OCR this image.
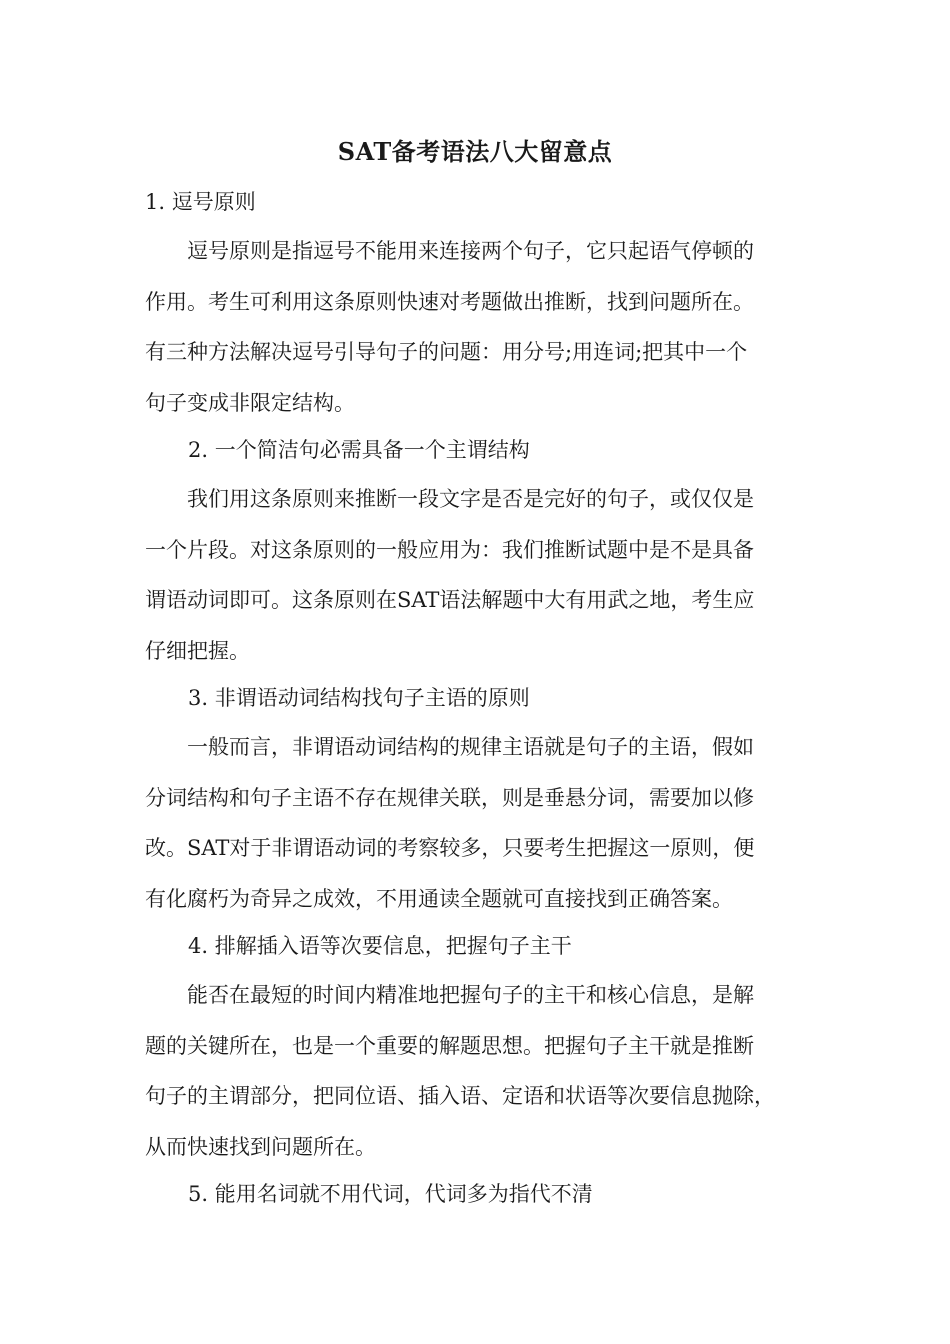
SAT备考语法八大留意点
1. 逗号原则
　　逗号原则是指逗号不能用来连接两个句子，它只起语气停顿的
作用。考生可利用这条原则快速对考题做出推断，找到问题所在。
有三种方法解决逗号引导句子的问题：用分号;用连词;把其中一个
句子变成非限定结构。
2. 一个简洁句必需具备一个主谓结构
　　我们用这条原则来推断一段文字是否是完好的句子，或仅仅是
一个片段。对这条原则的一般应用为：我们推断试题中是不是具备
谓语动词即可。这条原则在SAT语法解题中大有用武之地，考生应
仔细把握。
3. 非谓语动词结构找句子主语的原则
　　一般而言，非谓语动词结构的规律主语就是句子的主语，假如
分词结构和句子主语不存在规律关联，则是垂悬分词，需要加以修
改。SAT对于非谓语动词的考察较多，只要考生把握这一原则，便
有化腐朽为奇异之成效，不用通读全题就可直接找到正确答案。
4. 排解插入语等次要信息，把握句子主干
　　能否在最短的时间内精准地把握句子的主干和核心信息，是解
题的关键所在，也是一个重要的解题思想。把握句子主干就是推断
句子的主谓部分，把同位语、插入语、定语和状语等次要信息抛除，
从而快速找到问题所在。
5. 能用名词就不用代词，代词多为指代不清
